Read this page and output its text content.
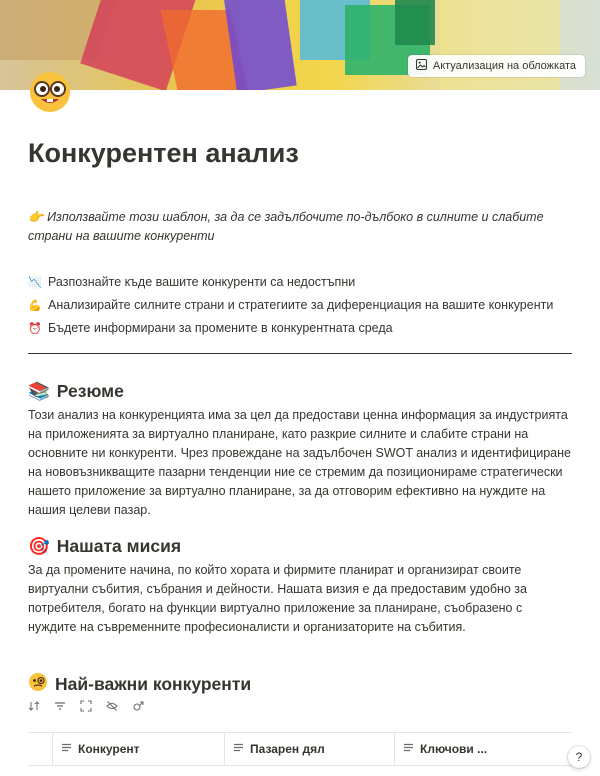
Актуализация на обложката
Конкурентен анализ
👉 Използвайте този шаблон, за да се задълбочите по-дълбоко в силните и слабите страни на вашите конкуренти
📉 Разпознайте къде вашите конкуренти са недостъпни
💪 Анализирайте силните страни и стратегиите за диференциация на вашите конкуренти
⏰ Бъдете информирани за промените в конкурентната среда
📚 Резюме
Този анализ на конкуренцията има за цел да предостави ценна информация за индустрията на приложенията за виртуално планиране, като разкрие силните и слабите страни на основните ни конкуренти. Чрез провеждане на задълбочен SWOT анализ и идентифициране на нововъзникващите пазарни тенденции ние се стремим да позиционираме стратегически нашето приложение за виртуално планиране, за да отговорим ефективно на нуждите на нашия целеви пазар.
🎯 Нашата мисия
За да промените начина, по който хората и фирмите планират и организират своите виртуални събития, събрания и дейности. Нашата визия е да предоставим удобно за потребителя, богато на функции виртуално приложение за планиране, съобразено с нуждите на съвременните професионалисти и организаторите на събития.
Най-важни конкуренти
Конкурент	Пазарен дял	Ключови ...
?
